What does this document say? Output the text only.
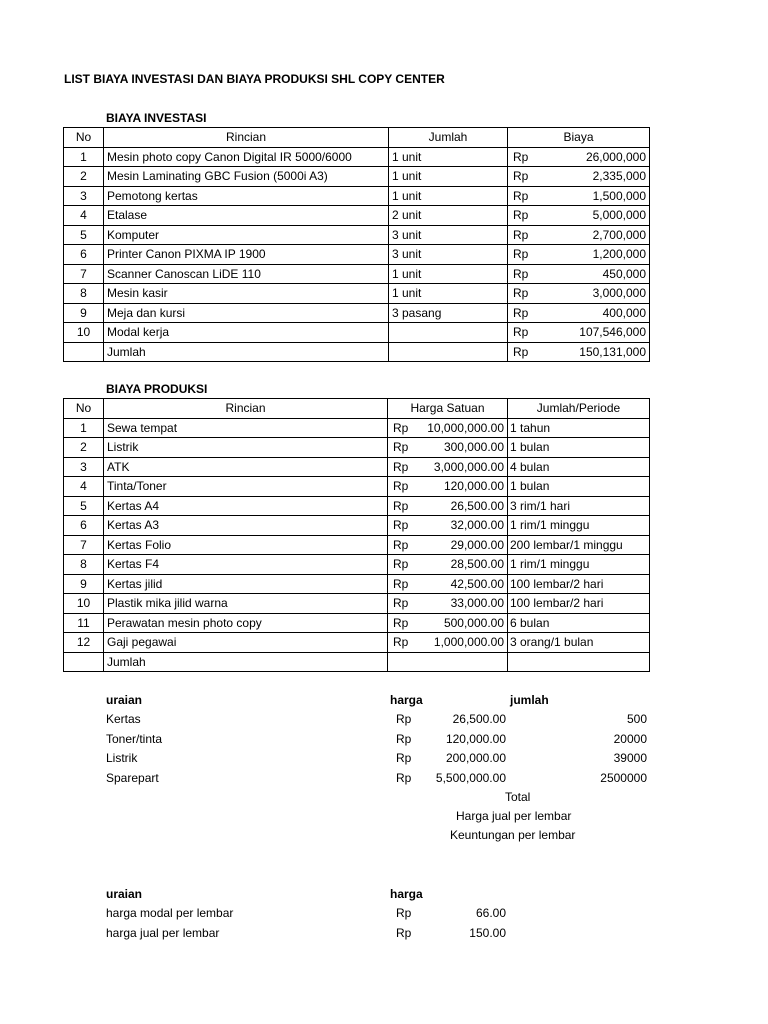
LIST BIAYA INVESTASI DAN BIAYA PRODUKSI SHL COPY CENTER
BIAYA INVESTASI
No	Rincian	Jumlah	Biaya
1	Mesin photo copy Canon Digital IR 5000/6000	1 unit	Rp 26,000,000

2	Mesin Laminating GBC Fusion (5000i A3)	1 unit	Rp 2,335,000

3	Pemotong kertas	1 unit	Rp 1,500,000

4	Etalase	2 unit	Rp 5,000,000

5	Komputer	3 unit	Rp 2,700,000

6	Printer Canon PIXMA IP 1900	3 unit	Rp 1,200,000

7	Scanner Canoscan LiDE 110	1 unit	Rp 450,000

8	Mesin kasir	1 unit	Rp 3,000,000

9	Meja dan kursi	3 pasang	Rp 400,000

10	Modal kerja		Rp 107,546,000

	Jumlah		Rp 150,131,000
BIAYA PRODUKSI
No	Rincian	Harga Satuan	Jumlah/Periode
1	Sewa tempat	Rp 10,000,000.00	1 tahun
2	Listrik	Rp 300,000.00	1 bulan
3	ATK	Rp 3,000,000.00	4 bulan
4	Tinta/Toner	Rp 120,000.00	1 bulan
5	Kertas A4	Rp 26,500.00	3 rim/1 hari
6	Kertas A3	Rp 32,000.00	1 rim/1 minggu
7	Kertas Folio	Rp 29,000.00	200 lembar/1 minggu
8	Kertas F4	Rp 28,500.00	1 rim/1 minggu
9	Kertas jilid	Rp 42,500.00	100 lembar/2 hari
10	Plastik mika jilid warna	Rp 33,000.00	100 lembar/2 hari
11	Perawatan mesin photo copy	Rp 500,000.00	6 bulan
12	Gaji pegawai	Rp 1,000,000.00	3 orang/1 bulan
	Jumlah		
uraian	harga		jumlah
Kertas	Rp	26,500.00	500
Toner/tinta	Rp	120,000.00	20000
Listrik	Rp	200,000.00	39000
Sparepart	Rp	5,500,000.00	2500000
Total
Harga jual per lembar
Keuntungan per lembar
uraian	harga	
harga modal per lembar	Rp	66.00
harga jual per lembar	Rp	150.00
